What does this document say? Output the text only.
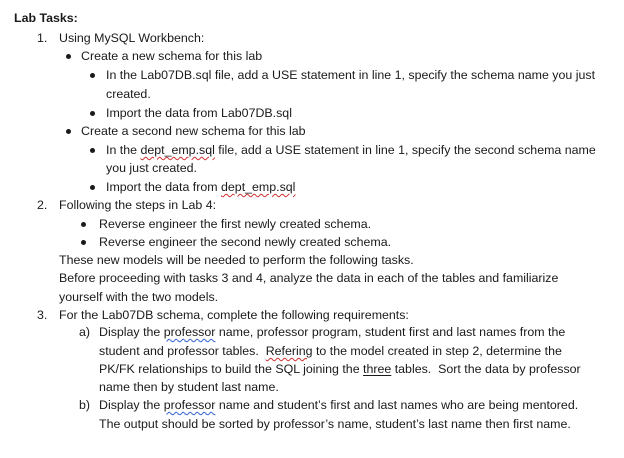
Lab Tasks:
1. Using MySQL Workbench:
Create a new schema for this lab
In the Lab07DB.sql file, add a USE statement in line 1, specify the schema name you just
created.
Import the data from Lab07DB.sql
Create a second new schema for this lab
In the dept_emp.sql file, add a USE statement in line 1, specify the second schema name
you just created.
Import the data from dept_emp.sql
2. Following the steps in Lab 4:
Reverse engineer the first newly created schema.
Reverse engineer the second newly created schema.
These new models will be needed to perform the following tasks.
Before proceeding with tasks 3 and 4, analyze the data in each of the tables and familiarize
yourself with the two models.
3. For the Lab07DB schema, complete the following requirements:
a) Display the professor name, professor program, student first and last names from the
student and professor tables.  Refering to the model created in step 2, determine the
PK/FK relationships to build the SQL joining the three tables.  Sort the data by professor
name then by student last name.
b) Display the professor name and student’s first and last names who are being mentored.
The output should be sorted by professor’s name, student’s last name then first name.
